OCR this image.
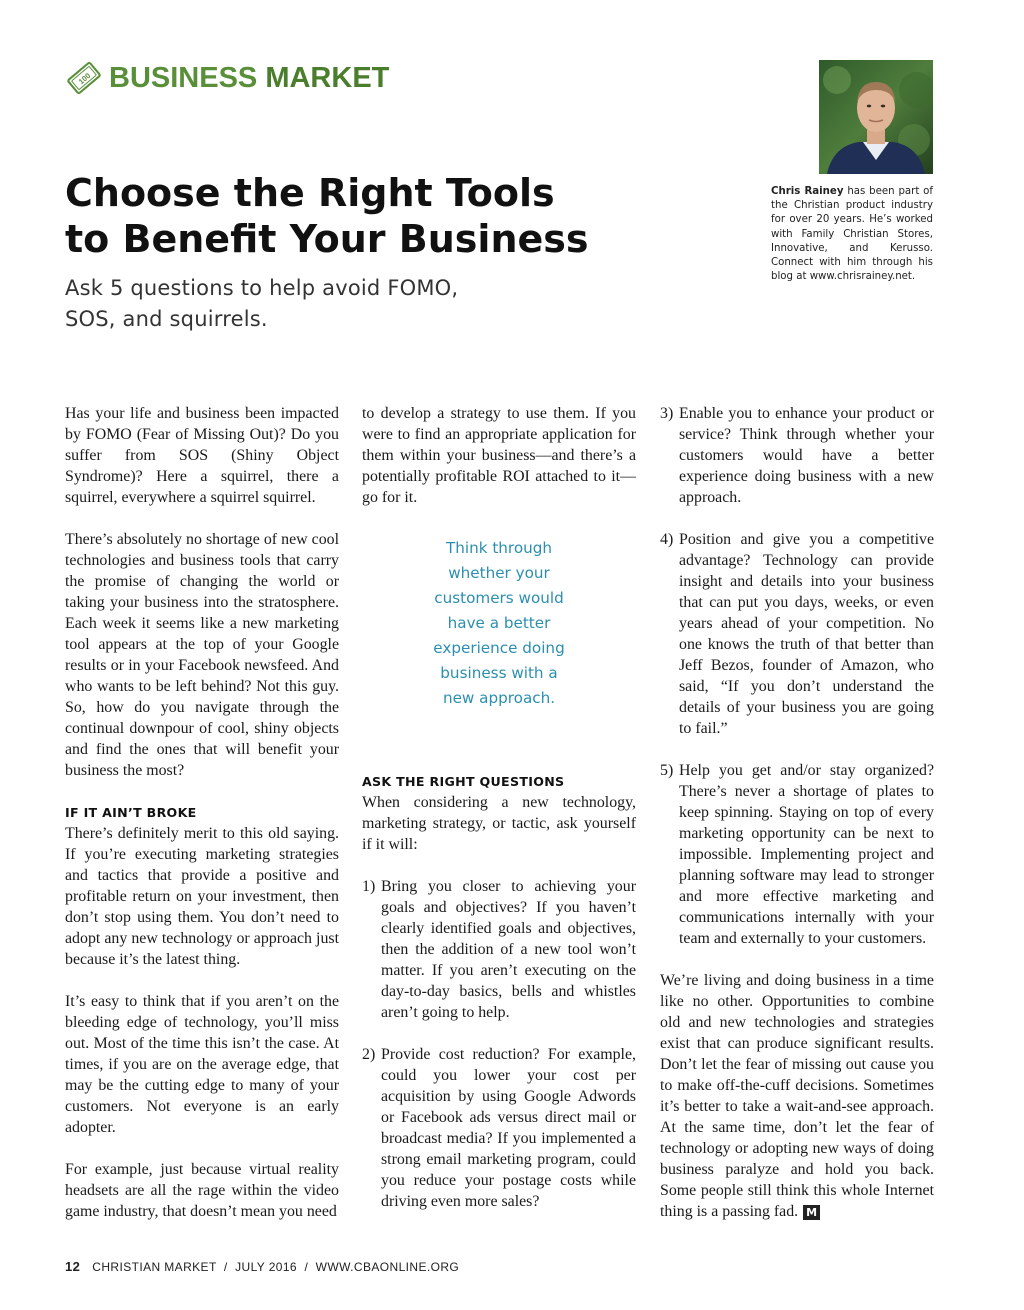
100 BUSINESS MARKET
Choose the Right Tools
to Benefit Your Business

Ask 5 questions to help avoid FOMO,
SOS, and squirrels.

Chris Rainey has been part of the Christian product industry for over 20 years. He’s worked with Family Christian Stores, Innovative, and Kerusso. Connect with him through his blog at www.chrisrainey.net.

Has your life and business been impacted by FOMO (Fear of Missing Out)? Do you suffer from SOS (Shiny Object Syndrome)? Here a squirrel, there a squirrel, everywhere a squirrel squirrel.

There’s absolutely no shortage of new cool technologies and business tools that carry the promise of changing the world or taking your business into the stratosphere. Each week it seems like a new marketing tool appears at the top of your Google results or in your Facebook newsfeed. And who wants to be left behind? Not this guy. So, how do you navigate through the continual downpour of cool, shiny objects and find the ones that will benefit your business the most?

IF IT AIN’T BROKE

There’s definitely merit to this old saying. If you’re executing marketing strategies and tactics that provide a positive and profitable return on your investment, then don’t stop using them. You don’t need to adopt any new technology or approach just because it’s the latest thing.

It’s easy to think that if you aren’t on the bleeding edge of technology, you’ll miss out. Most of the time this isn’t the case. At times, if you are on the average edge, that may be the cutting edge to many of your customers. Not everyone is an early adopter.

For example, just because virtual reality headsets are all the rage within the video game industry, that doesn’t mean you need

to develop a strategy to use them. If you were to find an appropriate application for them within your business—and there’s a potentially profitable ROI attached to it—go for it.

Think through
whether your
customers would
have a better
experience doing
business with a
new approach.
ASK THE RIGHT QUESTIONS

When considering a new technology, marketing strategy, or tactic, ask yourself if it will:

1) Bring you closer to achieving your goals and objectives? If you haven’t clearly identified goals and objectives, then the addition of a new tool won’t matter. If you aren’t executing on the day-to-day basics, bells and whistles aren’t going to help.
2) Provide cost reduction? For example, could you lower your cost per acquisition by using Google Adwords or Facebook ads versus direct mail or broadcast media? If you implemented a strong email marketing program, could you reduce your postage costs while driving even more sales?
3) Enable you to enhance your product or service? Think through whether your customers would have a better experience doing business with a new approach.
4) Position and give you a competitive advantage? Technology can provide insight and details into your business that can put you days, weeks, or even years ahead of your competition. No one knows the truth of that better than Jeff Bezos, founder of Amazon, who said, “If you don’t understand the details of your business you are going to fail.”
5) Help you get and/or stay organized? There’s never a shortage of plates to keep spinning. Staying on top of every marketing opportunity can be next to impossible. Implementing project and planning software may lead to stronger and more effective marketing and communications internally with your team and externally to your customers.

We’re living and doing business in a time like no other. Opportunities to combine old and new technologies and strategies exist that can produce significant results. Don’t let the fear of missing out cause you to make off-the-cuff decisions. Sometimes it’s better to take a wait-and-see approach. At the same time, don’t let the fear of technology or adopting new ways of doing business paralyze and hold you back. Some people still think this whole Internet thing is a passing fad. M

12 CHRISTIAN MARKET  /  JULY 2016  /  WWW.CBAONLINE.ORG
